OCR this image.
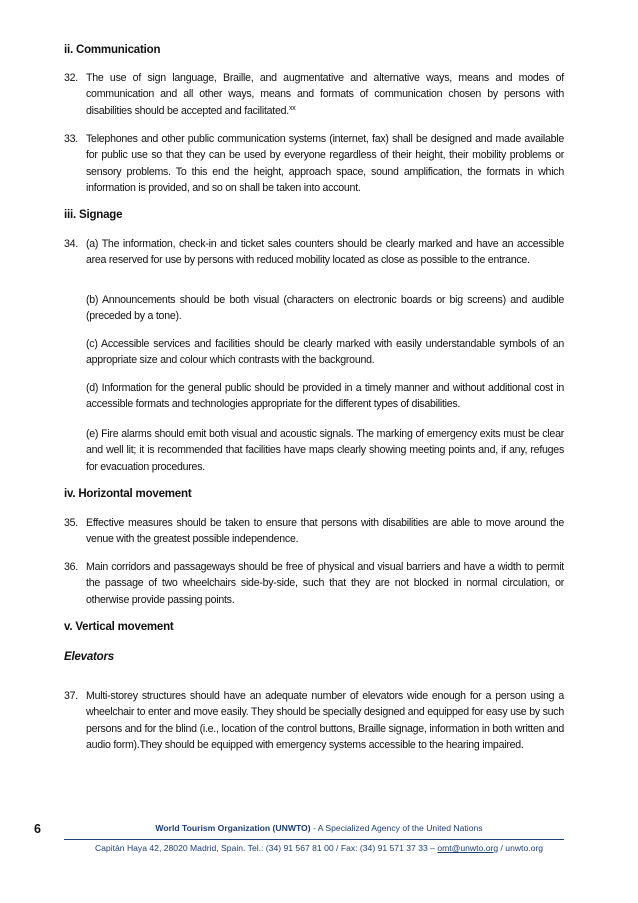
ii. Communication
32. The use of sign language, Braille, and augmentative and alternative ways, means and modes of communication and all other ways, means and formats of communication chosen by persons with disabilities should be accepted and facilitated.$^{xx}$
33. Telephones and other public communication systems (internet, fax) shall be designed and made available for public use so that they can be used by everyone regardless of their height, their mobility problems or sensory problems. To this end the height, approach space, sound amplification, the formats in which information is provided, and so on shall be taken into account.
iii. Signage
34. (a) The information, check-in and ticket sales counters should be clearly marked and have an accessible area reserved for use by persons with reduced mobility located as close as possible to the entrance.
(b) Announcements should be both visual (characters on electronic boards or big screens) and audible (preceded by a tone).
(c) Accessible services and facilities should be clearly marked with easily understandable symbols of an appropriate size and colour which contrasts with the background.
(d) Information for the general public should be provided in a timely manner and without additional cost in accessible formats and technologies appropriate for the different types of disabilities.
(e) Fire alarms should emit both visual and acoustic signals. The marking of emergency exits must be clear and well lit; it is recommended that facilities have maps clearly showing meeting points and, if any, refuges for evacuation procedures.
iv. Horizontal movement
35. Effective measures should be taken to ensure that persons with disabilities are able to move around the venue with the greatest possible independence.
36. Main corridors and passageways should be free of physical and visual barriers and have a width to permit the passage of two wheelchairs side-by-side, such that they are not blocked in normal circulation, or otherwise provide passing points.
v. Vertical movement
Elevators
37. Multi-storey structures should have an adequate number of elevators wide enough for a person using a wheelchair to enter and move easily. They should be specially designed and equipped for easy use by such persons and for the blind (i.e., location of the control buttons, Braille signage, information in both written and audio form).They should be equipped with emergency systems accessible to the hearing impaired.
6	World Tourism Organization (UNWTO) - A Specialized Agency of the United Nations
Capitán Haya 42, 28020 Madrid, Spain. Tel.: (34) 91 567 81 00 / Fax: (34) 91 571 37 33 – omt@unwto.org / unwto.org
